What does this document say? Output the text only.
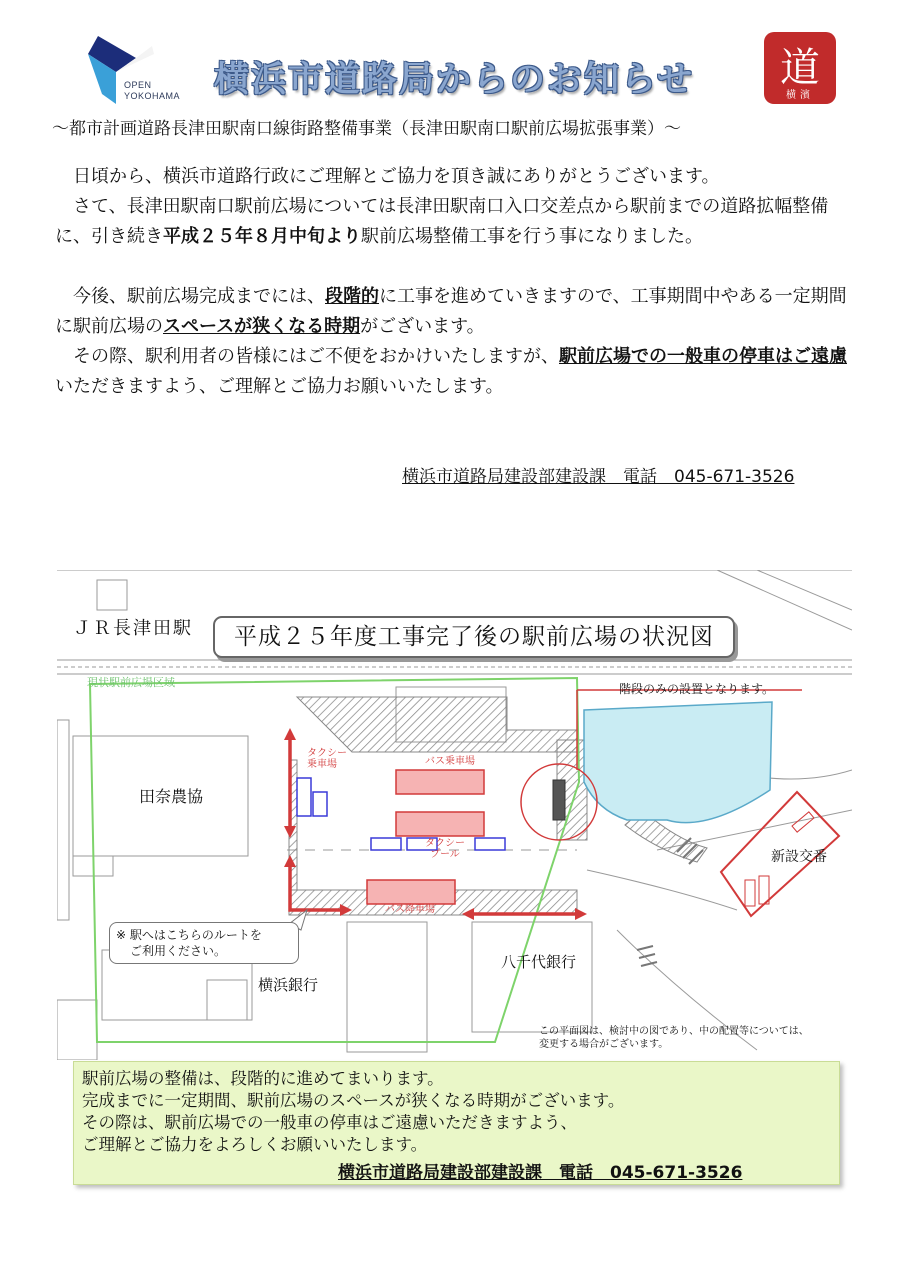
OPEN
YOKOHAMA 横浜市道路局からのお知らせ	道
横濱
～都市計画道路長津田駅南口線街路整備事業（長津田駅南口駅前広場拡張事業）～
日頃から、横浜市道路行政にご理解とご協力を頂き誠にありがとうございます。
さて、長津田駅南口駅前広場については長津田駅南口入口交差点から駅前までの道路拡幅整備に、引き続き平成２５年８月中旬より駅前広場整備工事を行う事になりました。
今後、駅前広場完成までには、段階的に工事を進めていきますので、工事期間中やある一定期間に駅前広場のスペースが狭くなる時期がございます。
その際、駅利用者の皆様にはご不便をおかけいたしますが、駅前広場での一般車の停車はご遠慮いただきますよう、ご理解とご協力お願いいたします。
横浜市道路局建設部建設課　電話　045-671-3526
平成２５年度工事完了後の駅前広場の状況図
ＪＲ長津田駅
現状駅前広場区域	階段のみの設置となります。
田奈農協
タクシー
乗車場	バス乗車場
タクシー
プール
バス降車場
新設交番
※ 駅へはこちらのルートを
ご利用ください。
横浜銀行
八千代銀行
この平面図は、検討中の図であり、中の配置等については、
変更する場合がございます。
駅前広場の整備は、段階的に進めてまいります。
完成までに一定期間、駅前広場のスペースが狭くなる時期がございます。
その際は、駅前広場での一般車の停車はご遠慮いただきますよう、
ご理解とご協力をよろしくお願いいたします。
横浜市道路局建設部建設課　電話　045-671-3526
